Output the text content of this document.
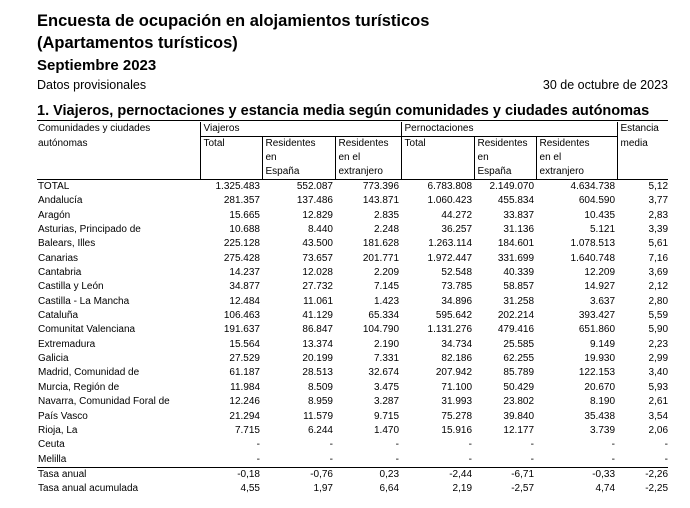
Encuesta de ocupación en alojamientos turísticos
(Apartamentos turísticos)
Septiembre 2023
Datos provisionales	30 de octubre de 2023
1. Viajeros, pernoctaciones y estancia media según comunidades y ciudades autónomas
Comunidades y ciudades	Viajeros			Pernoctaciones			Estancia
autónomas	Total	Residentes	Residentes	Total	Residentes	Residentes	media
		en	en el		en	en el	
		España	extranjero		España	extranjero	
TOTAL	1.325.483	552.087	773.396	6.783.808	2.149.070	4.634.738	5,12
Andalucía	281.357	137.486	143.871	1.060.423	455.834	604.590	3,77
Aragón	15.665	12.829	2.835	44.272	33.837	10.435	2,83
Asturias, Principado de	10.688	8.440	2.248	36.257	31.136	5.121	3,39
Balears, Illes	225.128	43.500	181.628	1.263.114	184.601	1.078.513	5,61
Canarias	275.428	73.657	201.771	1.972.447	331.699	1.640.748	7,16
Cantabria	14.237	12.028	2.209	52.548	40.339	12.209	3,69
Castilla y León	34.877	27.732	7.145	73.785	58.857	14.927	2,12
Castilla - La Mancha	12.484	11.061	1.423	34.896	31.258	3.637	2,80
Cataluña	106.463	41.129	65.334	595.642	202.214	393.427	5,59
Comunitat Valenciana	191.637	86.847	104.790	1.131.276	479.416	651.860	5,90
Extremadura	15.564	13.374	2.190	34.734	25.585	9.149	2,23
Galicia	27.529	20.199	7.331	82.186	62.255	19.930	2,99
Madrid, Comunidad de	61.187	28.513	32.674	207.942	85.789	122.153	3,40
Murcia, Región de	11.984	8.509	3.475	71.100	50.429	20.670	5,93
Navarra, Comunidad Foral de	12.246	8.959	3.287	31.993	23.802	8.190	2,61
País Vasco	21.294	11.579	9.715	75.278	39.840	35.438	3,54
Rioja, La	7.715	6.244	1.470	15.916	12.177	3.739	2,06
Ceuta	-	-	-	-	-	-	-
Melilla	-	-	-	-	-	-	-
Tasa anual	-0,18	-0,76	0,23	-2,44	-6,71	-0,33	-2,26
Tasa anual acumulada	4,55	1,97	6,64	2,19	-2,57	4,74	-2,25
